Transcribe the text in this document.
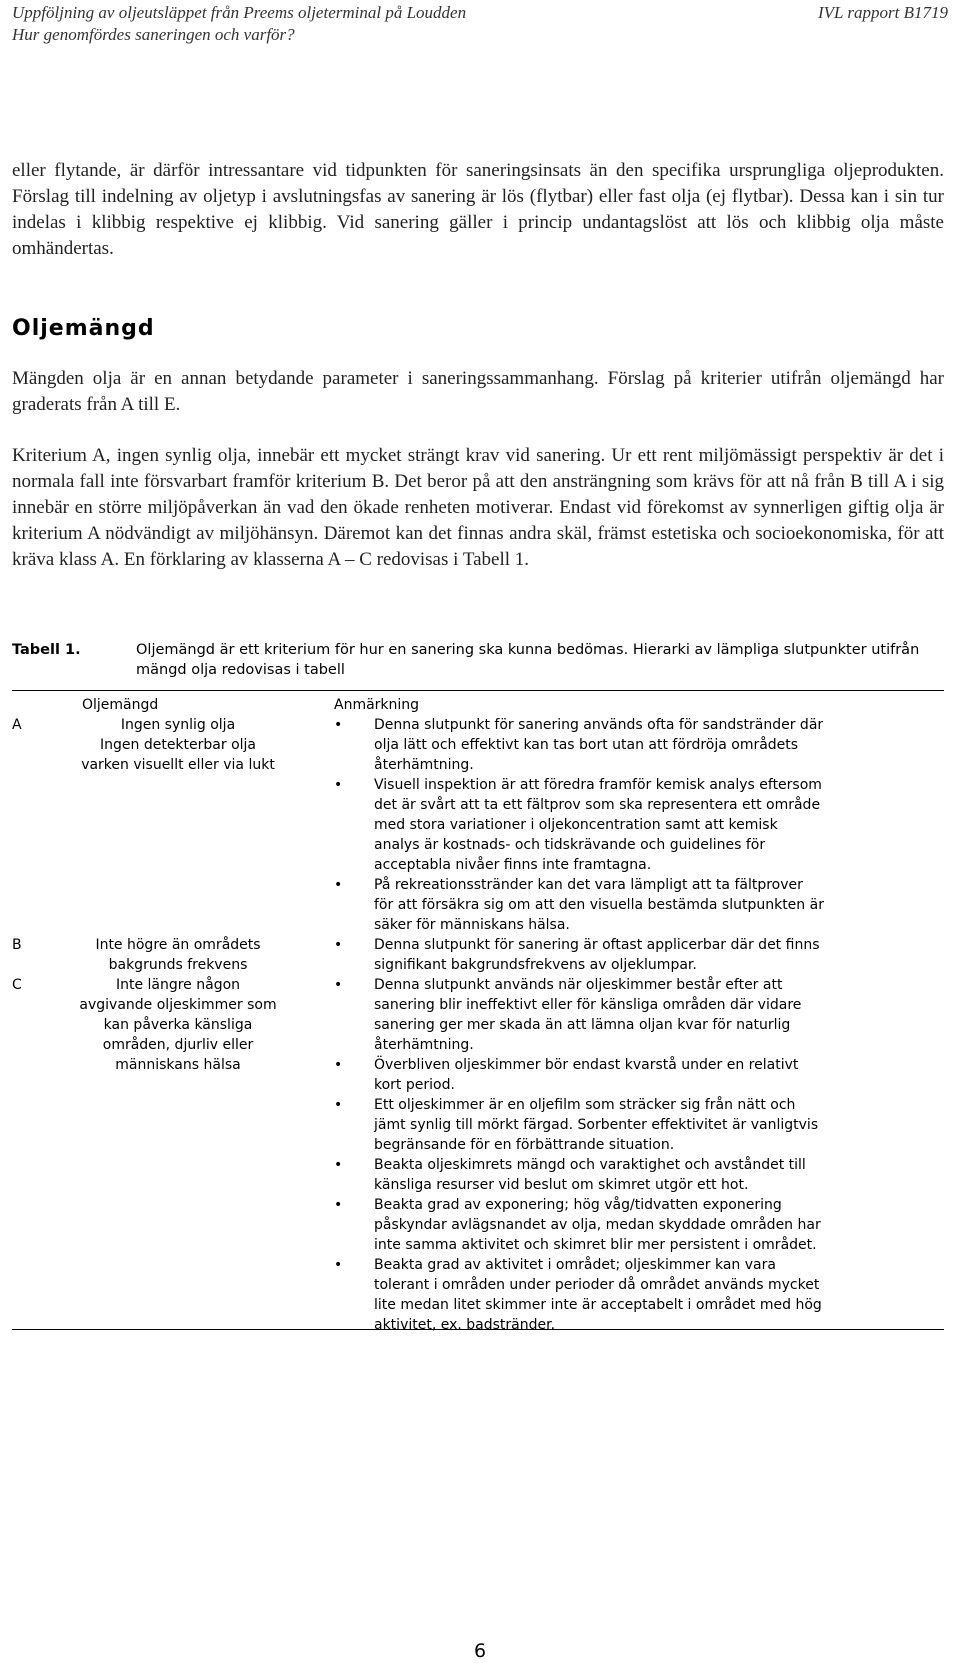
Uppföljning av oljeutsläppet från Preems oljeterminal på Loudden	IVL rapport B1719
Hur genomfördes saneringen och varför?

eller flytande, är därför intressantare vid tidpunkten för saneringsinsats än den specifika ursprungliga oljeprodukten. Förslag till indelning av oljetyp i avslutningsfas av sanering är lös (flytbar) eller fast olja (ej flytbar). Dessa kan i sin tur indelas i klibbig respektive ej klibbig. Vid sanering gäller i princip undantagslöst att lös och klibbig olja måste omhändertas.

Oljemängd

Mängden olja är en annan betydande parameter i saneringssammanhang. Förslag på kriterier utifrån oljemängd har graderats från A till E.

Kriterium A, ingen synlig olja, innebär ett mycket strängt krav vid sanering. Ur ett rent miljömässigt perspektiv är det i normala fall inte försvarbart framför kriterium B. Det beror på att den ansträngning som krävs för att nå från B till A i sig innebär en större miljöpåverkan än vad den ökade renheten motiverar. Endast vid förekomst av synnerligen giftig olja är kriterium A nödvändigt av miljöhänsyn. Däremot kan det finnas andra skäl, främst estetiska och socioekonomiska, för att kräva klass A. En förklaring av klasserna A – C redovisas i Tabell 1.

Tabell 1.	Oljemängd är ett kriterium för hur en sanering ska kunna bedömas. Hierarki av lämpliga slutpunkter utifrån mängd olja redovisas i tabell
Oljemängd	Anmärkning
A	Ingen synlig olja
Ingen detekterbar olja
varken visuellt eller via lukt
• Denna slutpunkt för sanering används ofta för sandstränder där
olja lätt och effektivt kan tas bort utan att fördröja områdets
återhämtning.
• Visuell inspektion är att föredra framför kemisk analys eftersom
det är svårt att ta ett fältprov som ska representera ett område
med stora variationer i oljekoncentration samt att kemisk
analys är kostnads- och tidskrävande och guidelines för
acceptabla nivåer finns inte framtagna.
• På rekreationsstränder kan det vara lämpligt att ta fältprover
för att försäkra sig om att den visuella bestämda slutpunkten är
säker för människans hälsa.
B	Inte högre än områdets
bakgrunds frekvens
• Denna slutpunkt för sanering är oftast applicerbar där det finns
signifikant bakgrundsfrekvens av oljeklumpar.
C	Inte längre någon
avgivande oljeskimmer som
kan påverka känsliga
områden, djurliv eller
människans hälsa
• Denna slutpunkt används när oljeskimmer består efter att
sanering blir ineffektivt eller för känsliga områden där vidare
sanering ger mer skada än att lämna oljan kvar för naturlig
återhämtning.
• Överbliven oljeskimmer bör endast kvarstå under en relativt
kort period.
• Ett oljeskimmer är en oljefilm som sträcker sig från nätt och
jämt synlig till mörkt färgad. Sorbenter effektivitet är vanligtvis
begränsande för en förbättrande situation.
• Beakta oljeskimrets mängd och varaktighet och avståndet till
känsliga resurser vid beslut om skimret utgör ett hot.
• Beakta grad av exponering; hög våg/tidvatten exponering
påskyndar avlägsnandet av olja, medan skyddade områden har
inte samma aktivitet och skimret blir mer persistent i området.
• Beakta grad av aktivitet i området; oljeskimmer kan vara
tolerant i områden under perioder då området används mycket
lite medan litet skimmer inte är acceptabelt i området med hög
aktivitet, ex. badstränder.
6
